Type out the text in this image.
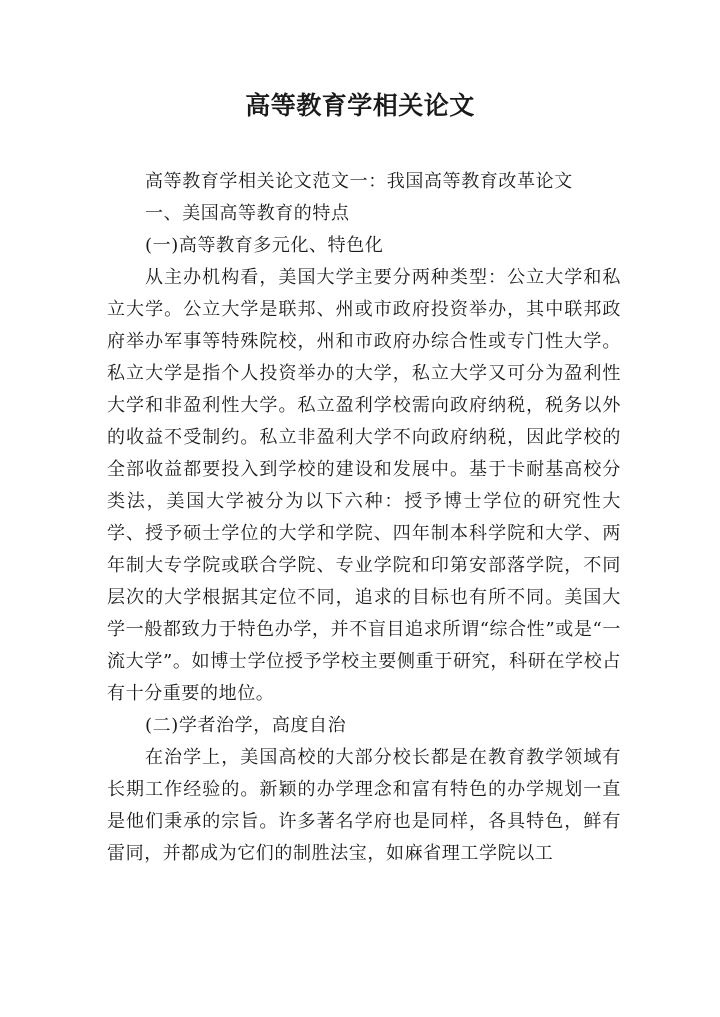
高等教育学相关论文

高等教育学相关论文范文一：我国高等教育改革论文

一、美国高等教育的特点

(一)高等教育多元化、特色化

从主办机构看，美国大学主要分两种类型：公立大学和私立大学。公立大学是联邦、州或市政府投资举办，其中联邦政府举办军事等特殊院校，州和市政府办综合性或专门性大学。私立大学是指个人投资举办的大学，私立大学又可分为盈利性大学和非盈利性大学。私立盈利学校需向政府纳税，税务以外的收益不受制约。私立非盈利大学不向政府纳税，因此学校的全部收益都要投入到学校的建设和发展中。基于卡耐基高校分类法，美国大学被分为以下六种：授予博士学位的研究性大学、授予硕士学位的大学和学院、四年制本科学院和大学、两年制大专学院或联合学院、专业学院和印第安部落学院，不同层次的大学根据其定位不同，追求的目标也有所不同。美国大学一般都致力于特色办学，并不盲目追求所谓“综合性”或是“一流大学”。如博士学位授予学校主要侧重于研究，科研在学校占有十分重要的地位。

(二)学者治学，高度自治

在治学上，美国高校的大部分校长都是在教育教学领域有长期工作经验的。新颖的办学理念和富有特色的办学规划一直是他们秉承的宗旨。许多著名学府也是同样，各具特色，鲜有雷同，并都成为它们的制胜法宝，如麻省理工学院以工
